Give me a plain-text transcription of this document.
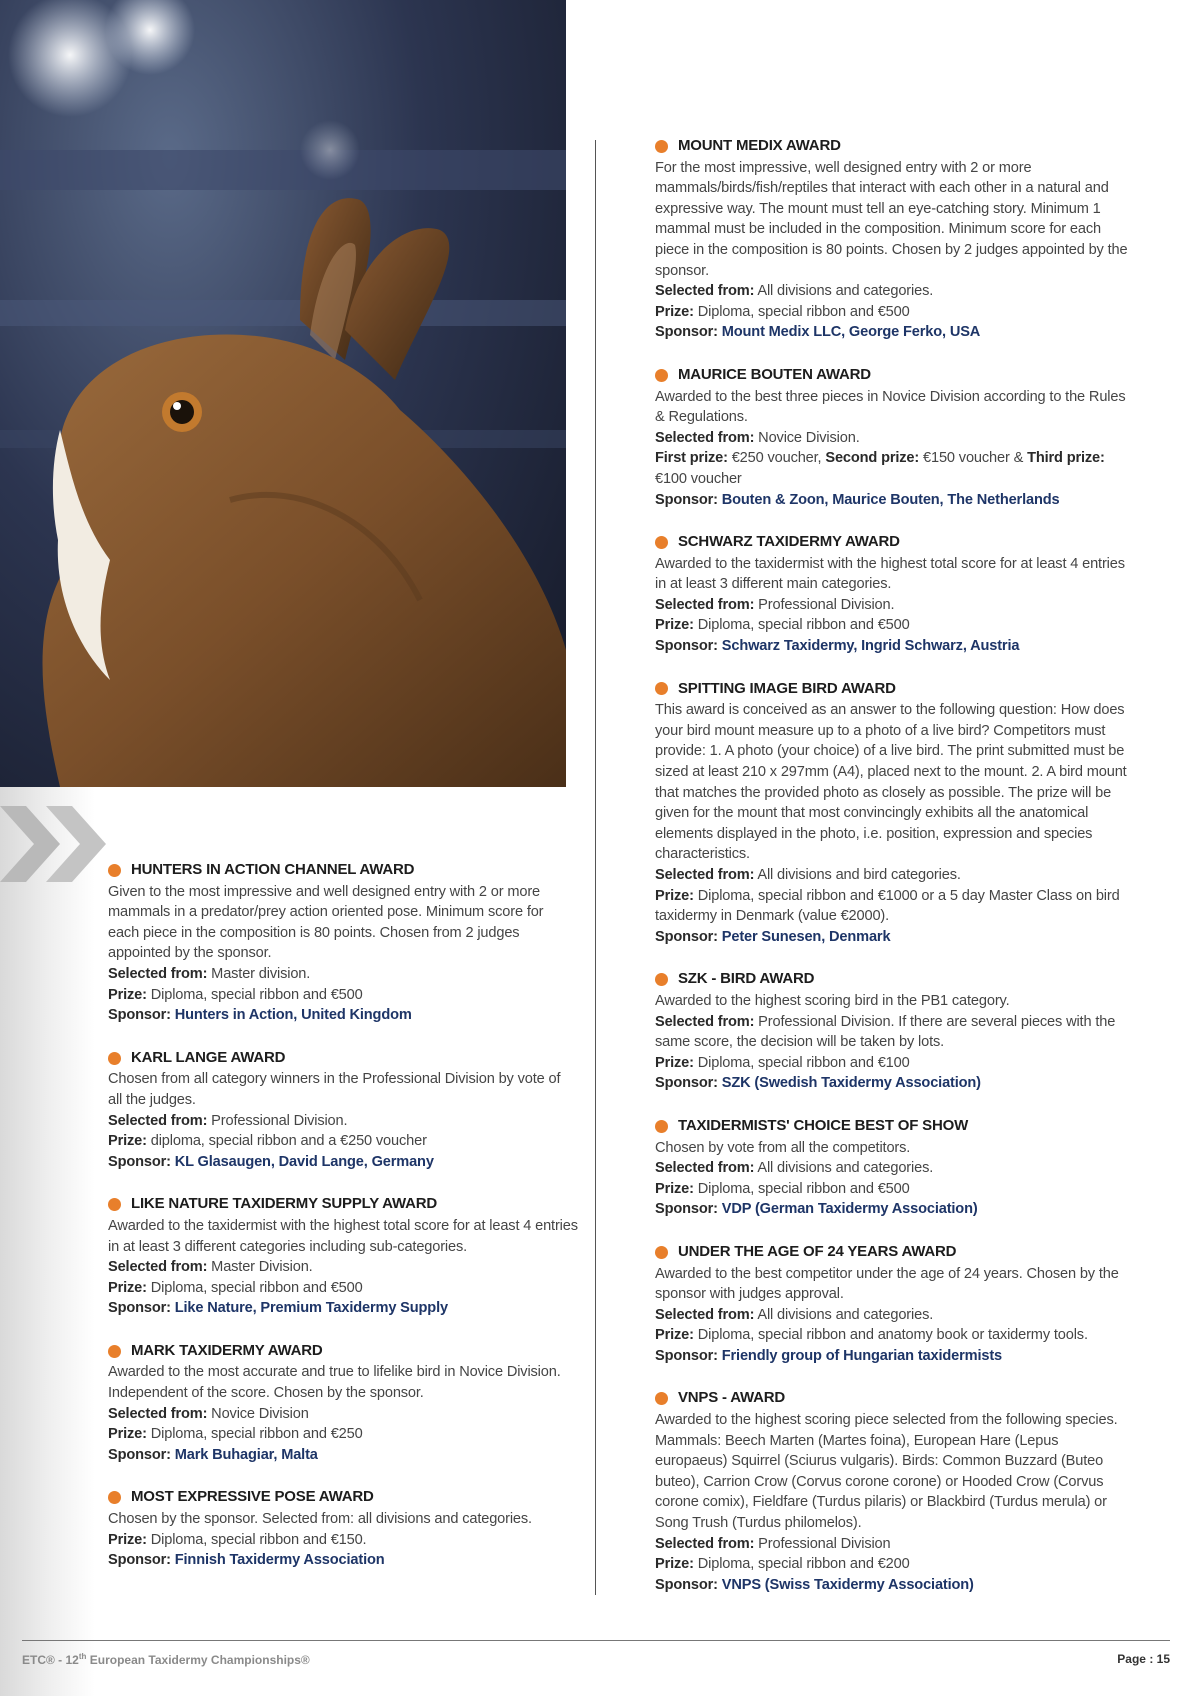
HUNTERS IN ACTION CHANNEL AWARD

Given to the most impressive and well designed entry with 2 or more mammals in a predator/prey action oriented pose. Minimum score for each piece in the composition is 80 points. Chosen from 2 judges appointed by the sponsor.

Selected from: Master division.

Prize: Diploma, special ribbon and €500

Sponsor: Hunters in Action, United Kingdom

KARL LANGE AWARD

Chosen from all category winners in the Professional Division by vote of all the judges.

Selected from: Professional Division.

Prize: diploma, special ribbon and a €250 voucher

Sponsor: KL Glasaugen, David Lange, Germany

LIKE NATURE TAXIDERMY SUPPLY AWARD

Awarded to the taxidermist with the highest total score for at least 4 entries in at least 3 different categories including sub-categories.

Selected from: Master Division.

Prize: Diploma, special ribbon and €500

Sponsor: Like Nature, Premium Taxidermy Supply

MARK TAXIDERMY AWARD

Awarded to the most accurate and true to lifelike bird in Novice Division. Independent of the score. Chosen by the sponsor.

Selected from: Novice Division

Prize: Diploma, special ribbon and €250

Sponsor: Mark Buhagiar, Malta

MOST EXPRESSIVE POSE AWARD

Chosen by the sponsor. Selected from: all divisions and categories.

Prize: Diploma, special ribbon and €150.

Sponsor: Finnish Taxidermy Association

MOUNT MEDIX AWARD

For the most impressive, well designed entry with 2 or more mammals/birds/fish/reptiles that interact with each other in a natural and expressive way. The mount must tell an eye-catching story. Minimum 1 mammal must be included in the composition. Minimum score for each piece in the composition is 80 points. Chosen by 2 judges appointed by the sponsor.

Selected from: All divisions and categories.

Prize: Diploma, special ribbon and €500

Sponsor: Mount Medix LLC, George Ferko, USA

MAURICE BOUTEN AWARD

Awarded to the best three pieces in Novice Division according to the Rules & Regulations.

Selected from: Novice Division.

First prize: €250 voucher, Second prize: €150 voucher & Third prize: €100 voucher

Sponsor: Bouten & Zoon, Maurice Bouten, The Netherlands

SCHWARZ TAXIDERMY AWARD

Awarded to the taxidermist with the highest total score for at least 4 entries in at least 3 different main categories.

Selected from: Professional Division.

Prize: Diploma, special ribbon and €500

Sponsor: Schwarz Taxidermy, Ingrid Schwarz, Austria

SPITTING IMAGE BIRD AWARD

This award is conceived as an answer to the following question: How does your bird mount measure up to a photo of a live bird? Competitors must provide: 1. A photo (your choice) of a live bird. The print submitted must be sized at least 210 x 297mm (A4), placed next to the mount. 2. A bird mount that matches the provided photo as closely as possible. The prize will be given for the mount that most convincingly exhibits all the anatomical elements displayed in the photo, i.e. position, expression and species characteristics.

Selected from: All divisions and bird categories.

Prize: Diploma, special ribbon and €1000 or a 5 day Master Class on bird taxidermy in Denmark (value €2000).

Sponsor: Peter Sunesen, Denmark

SZK - BIRD AWARD

Awarded to the highest scoring bird in the PB1 category.

Selected from: Professional Division. If there are several pieces with the same score, the decision will be taken by lots.

Prize: Diploma, special ribbon and €100

Sponsor: SZK (Swedish Taxidermy Association)

TAXIDERMISTS' CHOICE BEST OF SHOW

Chosen by vote from all the competitors.

Selected from: All divisions and categories.

Prize: Diploma, special ribbon and €500

Sponsor: VDP (German Taxidermy Association)

UNDER THE AGE OF 24 YEARS AWARD

Awarded to the best competitor under the age of 24 years. Chosen by the sponsor with judges approval.

Selected from: All divisions and categories.

Prize: Diploma, special ribbon and anatomy book or taxidermy tools.

Sponsor: Friendly group of Hungarian taxidermists

VNPS - AWARD

Awarded to the highest scoring piece selected from the following species. Mammals: Beech Marten (Martes foina), European Hare (Lepus europaeus) Squirrel (Sciurus vulgaris). Birds: Common Buzzard (Buteo buteo), Carrion Crow (Corvus corone corone) or Hooded Crow (Corvus corone comix), Fieldfare (Turdus pilaris) or Blackbird (Turdus merula) or Song Trush (Turdus philomelos).

Selected from: Professional Division

Prize: Diploma, special ribbon and €200

Sponsor: VNPS (Swiss Taxidermy Association)

ETC® - 12th European Taxidermy Championships®	Page : 15
